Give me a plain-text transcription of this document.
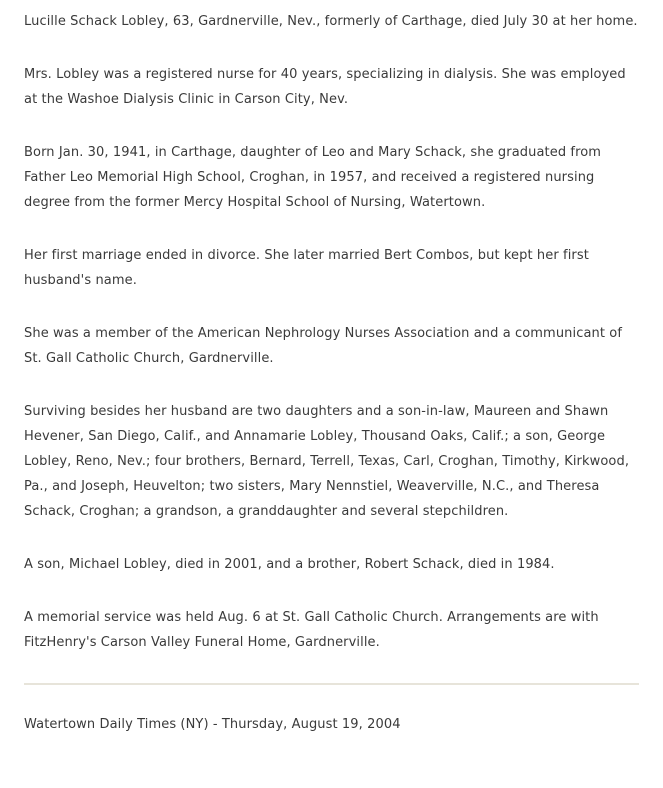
Lucille Schack Lobley, 63, Gardnerville, Nev., formerly of Carthage, died July 30 at her home.

Mrs. Lobley was a registered nurse for 40 years, specializing in dialysis. She was employed at the Washoe Dialysis Clinic in Carson City, Nev.

Born Jan. 30, 1941, in Carthage, daughter of Leo and Mary Schack, she graduated from Father Leo Memorial High School, Croghan, in 1957, and received a registered nursing degree from the former Mercy Hospital School of Nursing, Watertown.

Her first marriage ended in divorce. She later married Bert Combos, but kept her first husband's name.

She was a member of the American Nephrology Nurses Association and a communicant of St. Gall Catholic Church, Gardnerville.

Surviving besides her husband are two daughters and a son-in-law, Maureen and Shawn Hevener, San Diego, Calif., and Annamarie Lobley, Thousand Oaks, Calif.; a son, George Lobley, Reno, Nev.; four brothers, Bernard, Terrell, Texas, Carl, Croghan, Timothy, Kirkwood, Pa., and Joseph, Heuvelton; two sisters, Mary Nennstiel, Weaverville, N.C., and Theresa Schack, Croghan; a grandson, a granddaughter and several stepchildren.

A son, Michael Lobley, died in 2001, and a brother, Robert Schack, died in 1984.

A memorial service was held Aug. 6 at St. Gall Catholic Church. Arrangements are with FitzHenry's Carson Valley Funeral Home, Gardnerville.

Watertown Daily Times (NY) - Thursday, August 19, 2004
